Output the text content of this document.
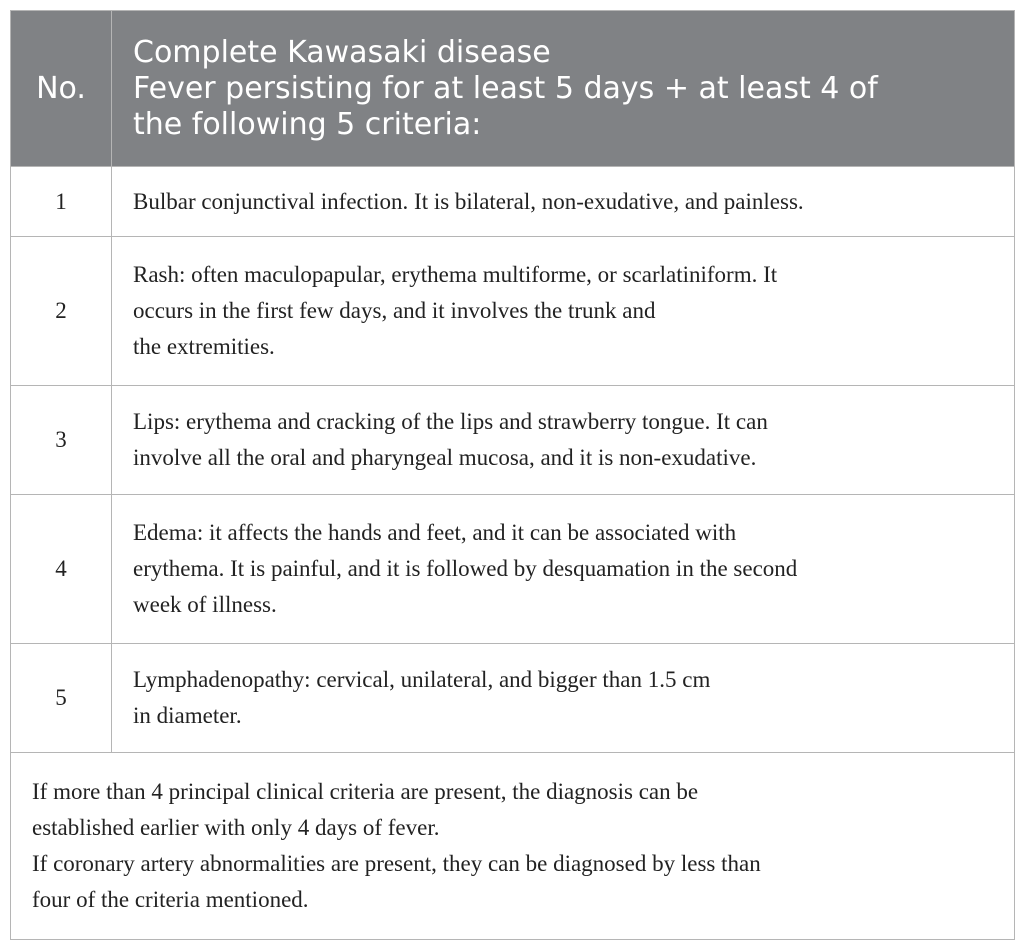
No.	Complete Kawasaki disease
Fever persisting for at least 5 days + at least 4 of
the following 5 criteria:

1	Bulbar conjunctival infection. It is bilateral, non-exudative, and painless.

2	Rash: often maculopapular, erythema multiforme, or scarlatiniform. It
occurs in the first few days, and it involves the trunk and
the extremities.

3	Lips: erythema and cracking of the lips and strawberry tongue. It can
involve all the oral and pharyngeal mucosa, and it is non-exudative.

4	Edema: it affects the hands and feet, and it can be associated with
erythema. It is painful, and it is followed by desquamation in the second
week of illness.

5	Lymphadenopathy: cervical, unilateral, and bigger than 1.5 cm
in diameter.

If more than 4 principal clinical criteria are present, the diagnosis can be
established earlier with only 4 days of fever.
If coronary artery abnormalities are present, they can be diagnosed by less than
four of the criteria mentioned.	
